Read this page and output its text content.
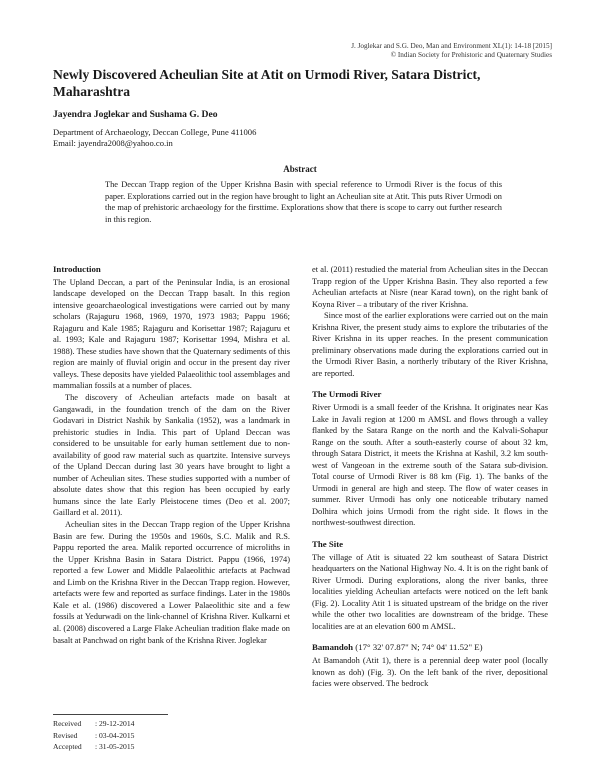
J. Joglekar and S.G. Deo, Man and Environment XL(1): 14-18 [2015]
© Indian Society for Prehistoric and Quaternary Studies
Newly Discovered Acheulian Site at Atit on Urmodi River, Satara District, Maharashtra
Jayendra Joglekar and Sushama G. Deo
Department of Archaeology, Deccan College, Pune 411006
Email: jayendra2008@yahoo.co.in
Abstract
The Deccan Trapp region of the Upper Krishna Basin with special reference to Urmodi River is the focus of this paper. Explorations carried out in the region have brought to light an Acheulian site at Atit. This puts River Urmodi on the map of prehistoric archaeology for the firsttime. Explorations show that there is scope to carry out further research in this region.
Introduction

The Upland Deccan, a part of the Peninsular India, is an erosional landscape developed on the Deccan Trapp basalt. In this region intensive geoarchaeological investigations were carried out by many scholars (Rajaguru 1968, 1969, 1970, 1973 1983; Pappu 1966; Rajaguru and Kale 1985; Rajaguru and Korisettar 1987; Rajaguru et al. 1993; Kale and Rajaguru 1987; Korisettar 1994, Mishra et al. 1988). These studies have shown that the Quaternary sediments of this region are mainly of fluvial origin and occur in the present day river valleys. These deposits have yielded Palaeolithic tool assemblages and mammalian fossils at a number of places.

The discovery of Acheulian artefacts made on basalt at Gangawadi, in the foundation trench of the dam on the River Godavari in District Nashik by Sankalia (1952), was a landmark in prehistoric studies in India. This part of Upland Deccan was considered to be unsuitable for early human settlement due to non-availability of good raw material such as quartzite. Intensive surveys of the Upland Deccan during last 30 years have brought to light a number of Acheulian sites. These studies supported with a number of absolute dates show that this region has been occupied by early humans since the late Early Pleistocene times (Deo et al. 2007; Gaillard et al. 2011).

Acheulian sites in the Deccan Trapp region of the Upper Krishna Basin are few. During the 1950s and 1960s, S.C. Malik and R.S. Pappu reported the area. Malik reported occurrence of microliths in the Upper Krishna Basin in Satara District. Pappu (1966, 1974) reported a few Lower and Middle Palaeolithic artefacts at Pachwad and Limb on the Krishna River in the Deccan Trapp region. However, artefacts were few and reported as surface findings. Later in the 1980s Kale et al. (1986) discovered a Lower Palaeolithic site and a few fossils at Yedurwadi on the link-channel of Krishna River. Kulkarni et al. (2008) discovered a Large Flake Acheulian tradition flake made on basalt at Panchwad on right bank of the Krishna River. Joglekar

et al. (2011) restudied the material from Acheulian sites in the Deccan Trapp region of the Upper Krishna Basin. They also reported a few Acheulian artefacts at Nisre (near Karad town), on the right bank of Koyna River – a tributary of the river Krishna.

Since most of the earlier explorations were carried out on the main Krishna River, the present study aims to explore the tributaries of the River Krishna in its upper reaches. In the present communication preliminary observations made during the explorations carried out in the Urmodi River Basin, a northerly tributary of the River Krishna, are reported.

The Urmodi River

River Urmodi is a small feeder of the Krishna. It originates near Kas Lake in Javali region at 1200 m AMSL and flows through a valley flanked by the Satara Range on the north and the Kalvali-Sohapur Range on the south. After a south-easterly course of about 32 km, through Satara District, it meets the Krishna at Kashil, 3.2 km south-west of Vangeoan in the extreme south of the Satara sub-division. Total course of Urmodi River is 88 km (Fig. 1). The banks of the Urmodi in general are high and steep. The flow of water ceases in summer. River Urmodi has only one noticeable tributary named Dolhira which joins Urmodi from the right side. It flows in the northwest-southwest direction.

The Site

The village of Atit is situated 22 km southeast of Satara District headquarters on the National Highway No. 4. It is on the right bank of River Urmodi. During explorations, along the river banks, three localities yielding Acheulian artefacts were noticed on the left bank (Fig. 2). Locality Atit 1 is situated upstream of the bridge on the river while the other two localities are downstream of the bridge. These localities are at an elevation 600 m AMSL.

Bamandoh (17° 32' 07.87" N; 74° 04' 11.52" E)

At Bamandoh (Atit 1), there is a perennial deep water pool (locally known as doh) (Fig. 3). On the left bank of the river, depositional facies were observed. The bedrock

Received : 29-12-2014
Revised : 03-04-2015
Accepted : 31-05-2015
